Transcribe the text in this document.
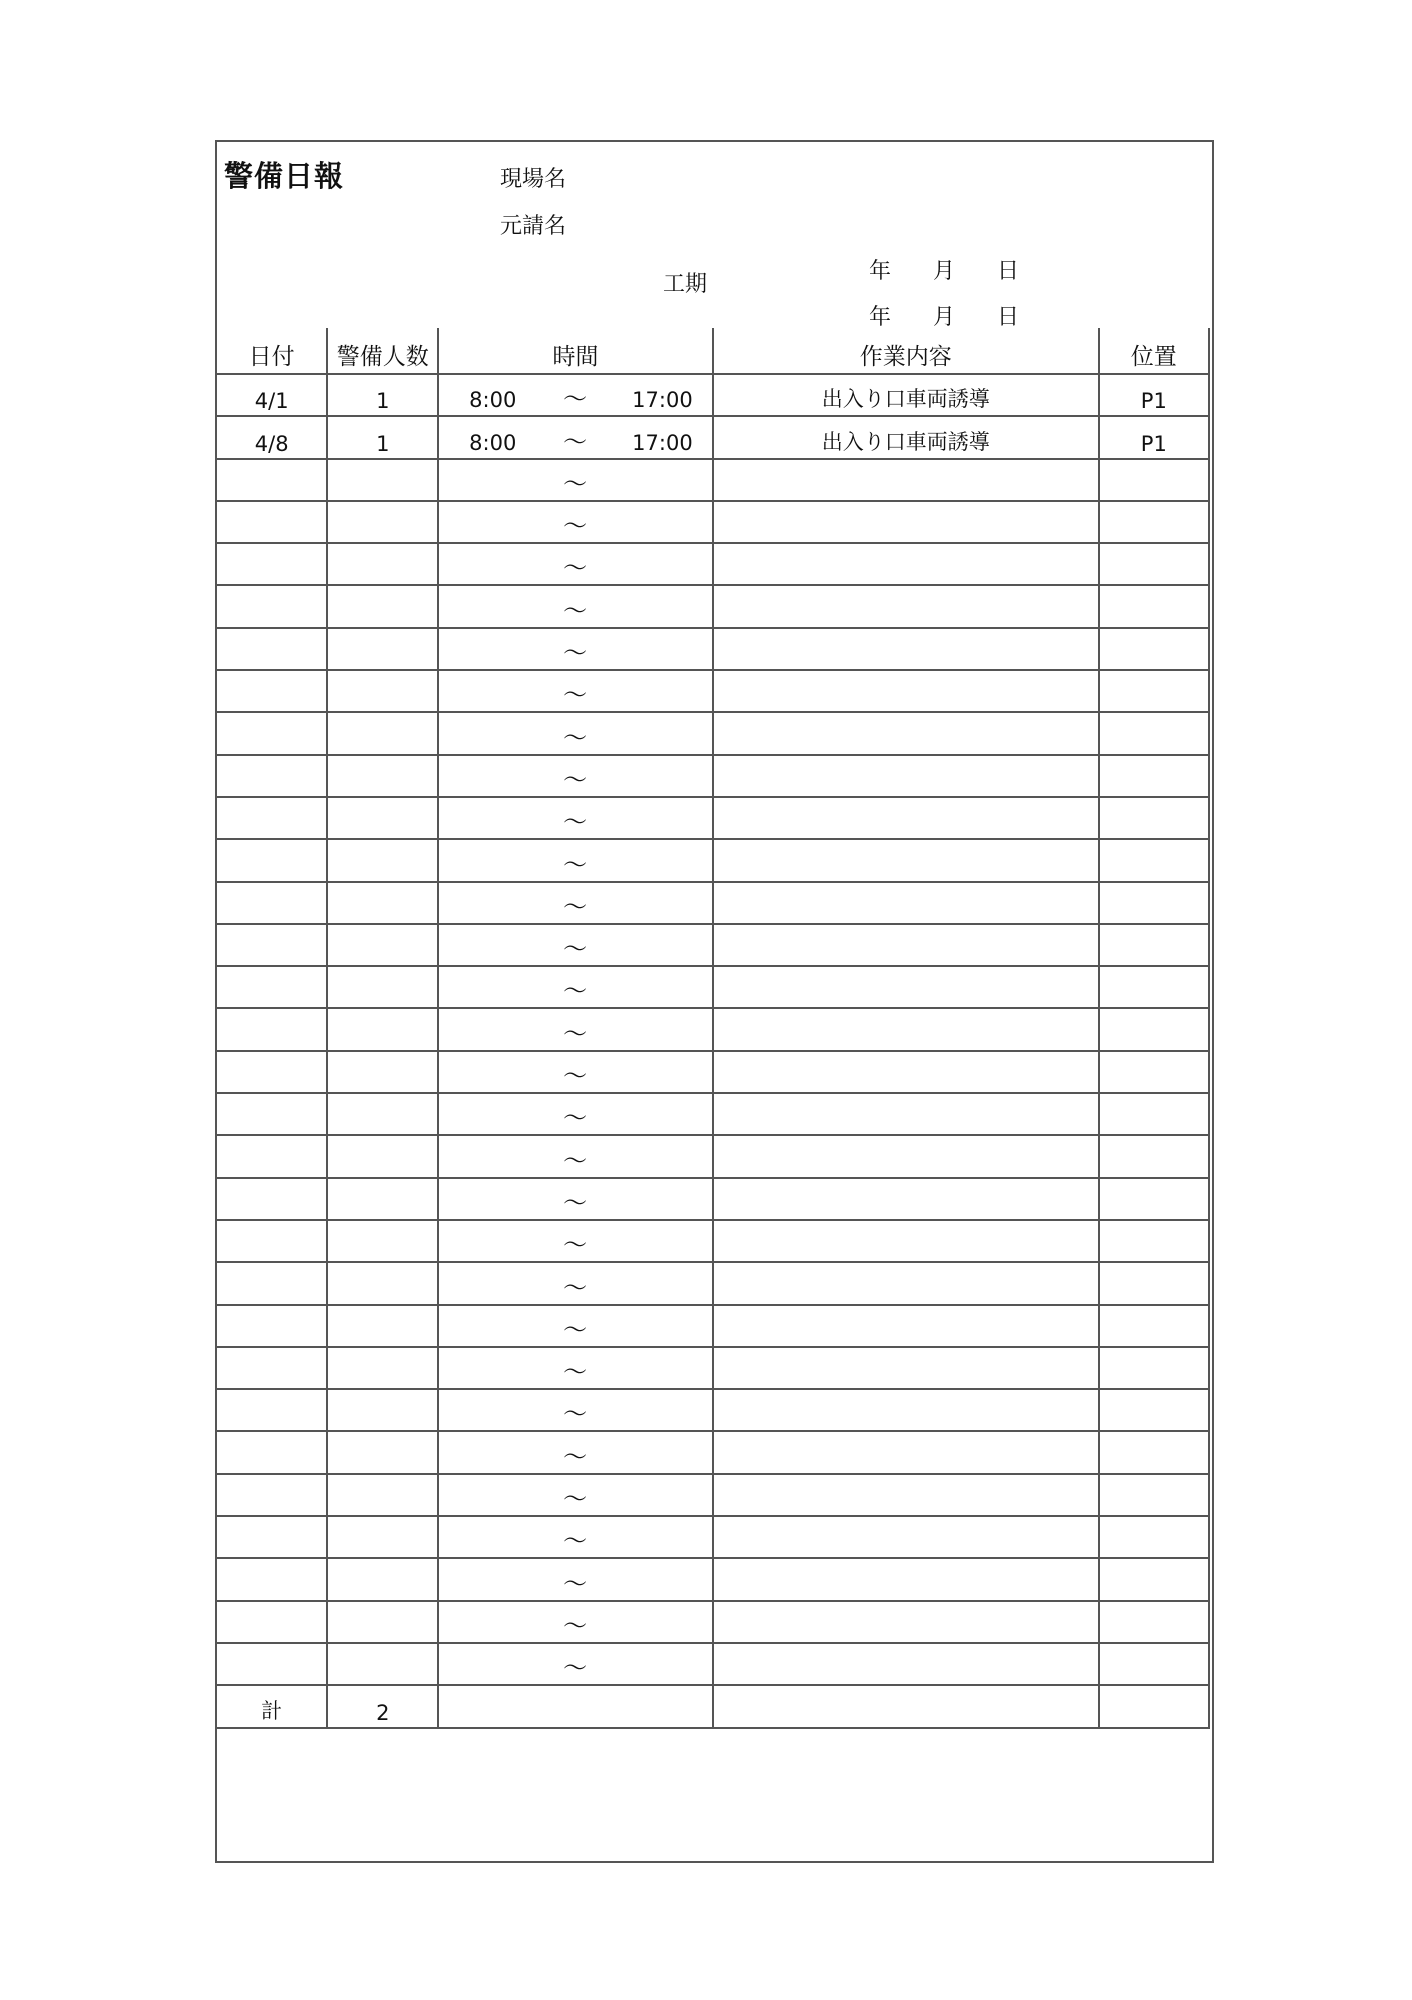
警備日報	現場名
元請名
工期
年  月  日
年  月  日
日付	警備人数	時間	作業内容	位置
4/1	1	8:00 ～ 17:00	出入り口車両誘導	P1
4/8	1	8:00 ～ 17:00	出入り口車両誘導	P1

		～		

		～		

		～		

		～		

		～		

		～		

		～		

		～		

		～		

		～		

		～		

		～		

		～		

		～		

		～		

		～		

		～		

		～		

		～		

		～		

		～		

		～		

		～		

		～		

		～		

		～		

		～		

		～		

		～		

計	2			
